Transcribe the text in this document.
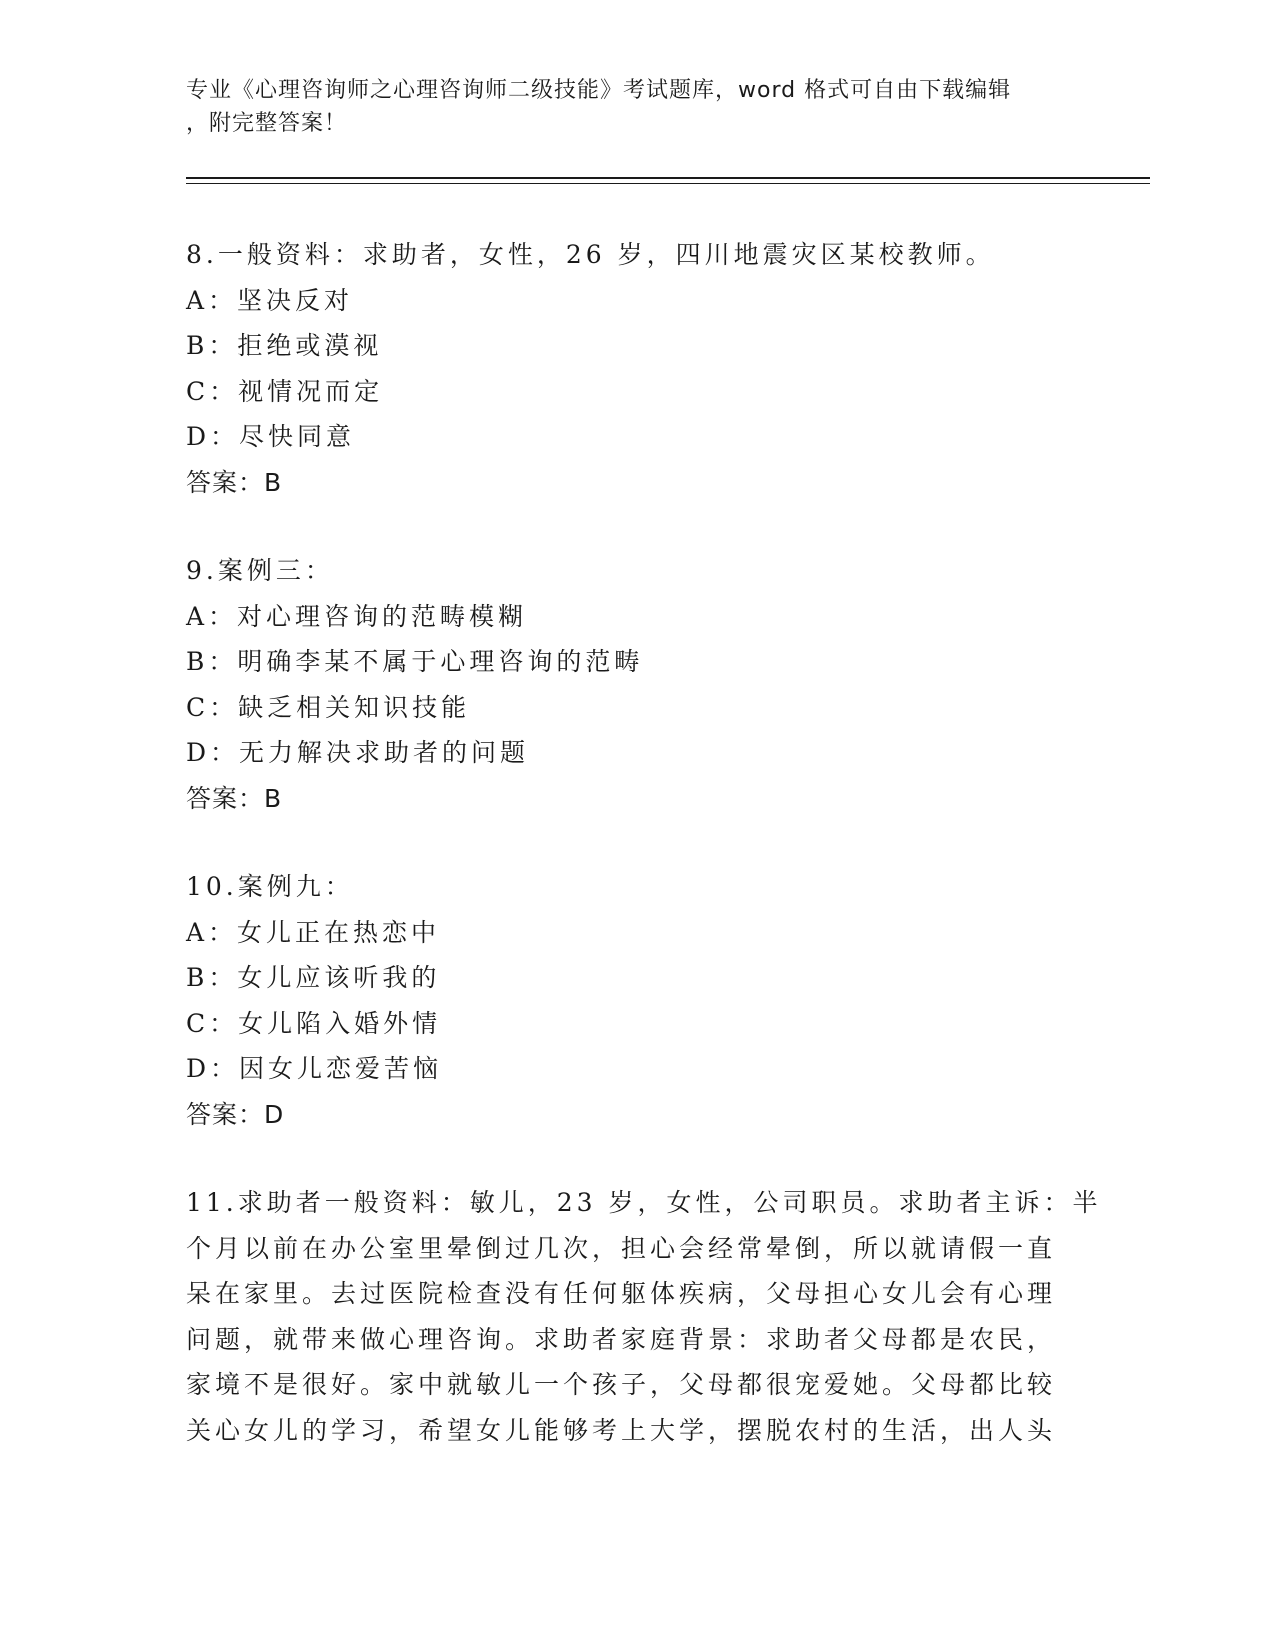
专业《心理咨询师之心理咨询师二级技能》考试题库，word 格式可自由下载编辑
，附完整答案！
8.一般资料：求助者，女性，26 岁，四川地震灾区某校教师。
A：坚决反对
B：拒绝或漠视
C：视情况而定
D：尽快同意
答案：B
9.案例三：
A：对心理咨询的范畴模糊
B：明确李某不属于心理咨询的范畴
C：缺乏相关知识技能
D：无力解决求助者的问题
答案：B
10.案例九：
A：女儿正在热恋中
B：女儿应该听我的
C：女儿陷入婚外情
D：因女儿恋爱苦恼
答案：D
11.求助者一般资料：敏儿，23 岁，女性，公司职员。求助者主诉：半
个月以前在办公室里晕倒过几次，担心会经常晕倒，所以就请假一直
呆在家里。去过医院检查没有任何躯体疾病，父母担心女儿会有心理
问题，就带来做心理咨询。求助者家庭背景：求助者父母都是农民，
家境不是很好。家中就敏儿一个孩子，父母都很宠爱她。父母都比较
关心女儿的学习，希望女儿能够考上大学，摆脱农村的生活，出人头
